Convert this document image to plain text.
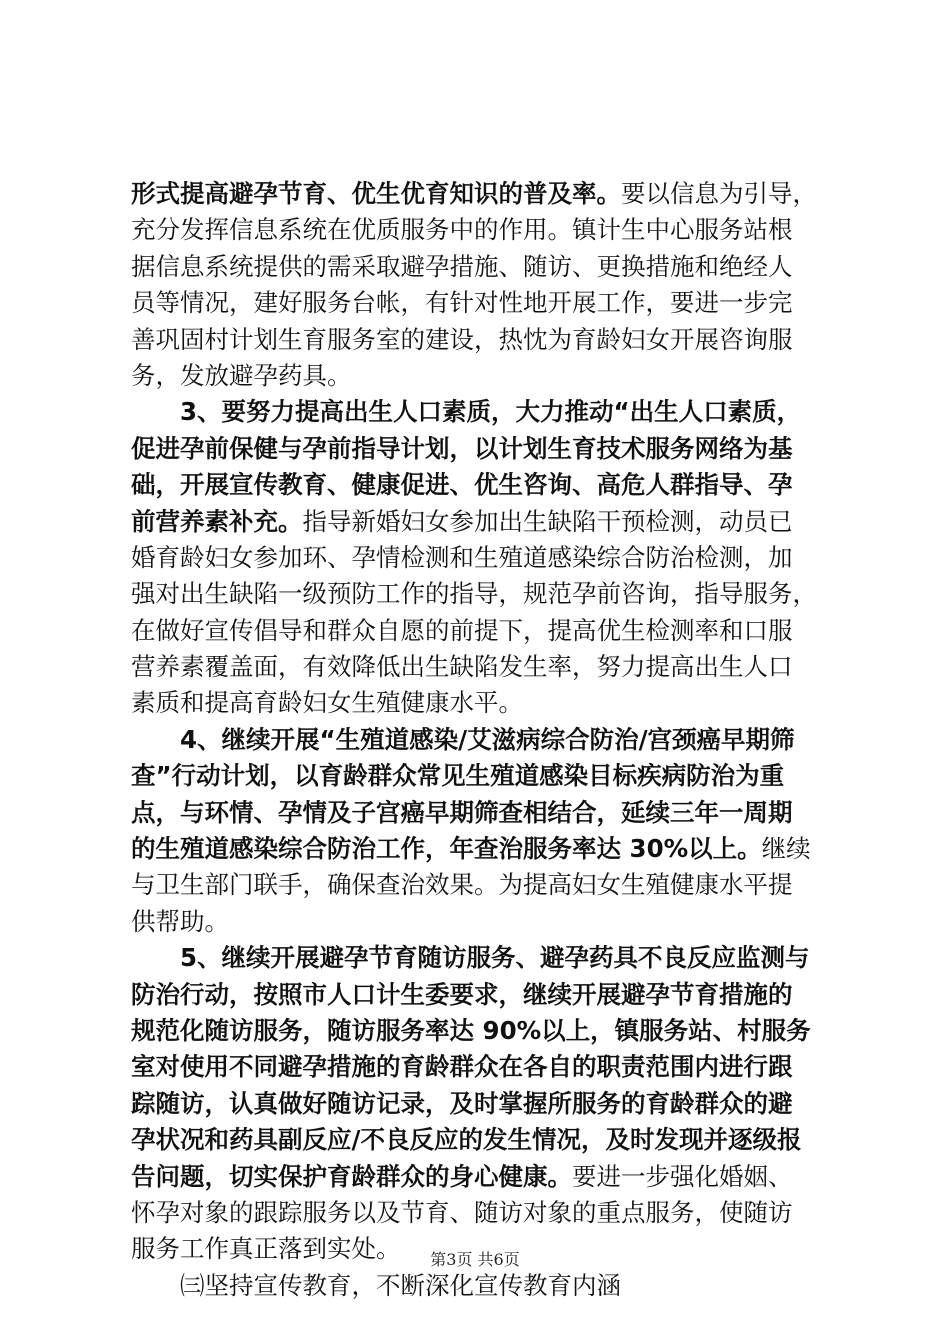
形式提高避孕节育、优生优育知识的普及率。要以信息为引导，
充分发挥信息系统在优质服务中的作用。镇计生中心服务站根
据信息系统提供的需采取避孕措施、随访、更换措施和绝经人
员等情况，建好服务台帐，有针对性地开展工作，要进一步完
善巩固村计划生育服务室的建设，热忱为育龄妇女开展咨询服
务，发放避孕药具。
3、要努力提高出生人口素质，大力推动“出生人口素质，
促进孕前保健与孕前指导计划，以计划生育技术服务网络为基
础，开展宣传教育、健康促进、优生咨询、高危人群指导、孕
前营养素补充。指导新婚妇女参加出生缺陷干预检测，动员已
婚育龄妇女参加环、孕情检测和生殖道感染综合防治检测，加
强对出生缺陷一级预防工作的指导，规范孕前咨询，指导服务，
在做好宣传倡导和群众自愿的前提下，提高优生检测率和口服
营养素覆盖面，有效降低出生缺陷发生率，努力提高出生人口
素质和提高育龄妇女生殖健康水平。
4、继续开展“生殖道感染/艾滋病综合防治/宫颈癌早期筛
查”行动计划，以育龄群众常见生殖道感染目标疾病防治为重
点，与环情、孕情及子宫癌早期筛查相结合，延续三年一周期
的生殖道感染综合防治工作，年查治服务率达 30%以上。继续
与卫生部门联手，确保查治效果。为提高妇女生殖健康水平提
供帮助。
5、继续开展避孕节育随访服务、避孕药具不良反应监测与
防治行动，按照市人口计生委要求，继续开展避孕节育措施的
规范化随访服务，随访服务率达 90%以上，镇服务站、村服务
室对使用不同避孕措施的育龄群众在各自的职责范围内进行跟
踪随访，认真做好随访记录，及时掌握所服务的育龄群众的避
孕状况和药具副反应/不良反应的发生情况，及时发现并逐级报
告问题，切实保护育龄群众的身心健康。要进一步强化婚姻、
怀孕对象的跟踪服务以及节育、随访对象的重点服务，使随访
服务工作真正落到实处。
㈢坚持宣传教育，不断深化宣传教育内涵
第3页 共6页
